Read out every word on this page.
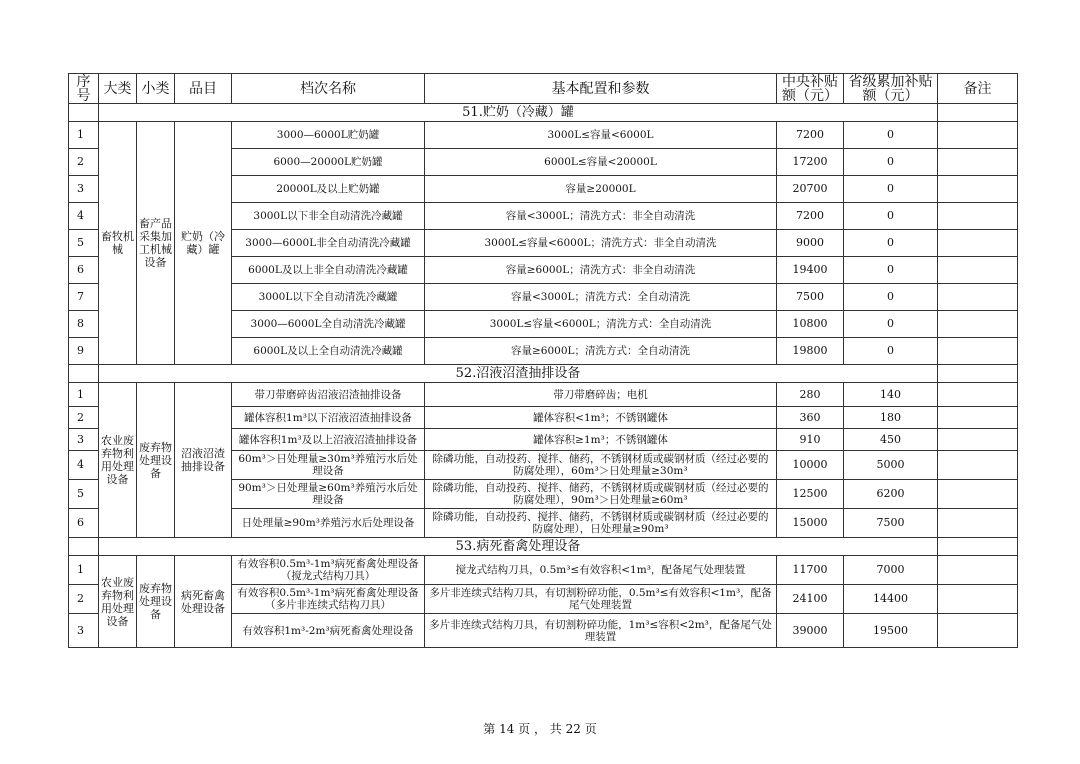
序号	大类	小类	品目	档次名称	基本配置和参数	中央补贴额（元）	省级累加补贴额（元）	备注
	51.贮奶（冷藏）罐							
1	畜牧机械	畜产品采集加工机械设备	贮奶（冷藏）罐	3000—6000L贮奶罐	3000L≤容量<6000L	7200	0	
2				6000—20000L贮奶罐	6000L≤容量<20000L	17200	0	
3				20000L及以上贮奶罐	容量≥20000L	20700	0	
4				3000L以下非全自动清洗冷藏罐	容量<3000L；清洗方式：非全自动清洗	7200	0	
5				3000—6000L非全自动清洗冷藏罐	3000L≤容量<6000L；清洗方式：非全自动清洗	9000	0	
6				6000L及以上非全自动清洗冷藏罐	容量≥6000L；清洗方式：非全自动清洗	19400	0	
7				3000L以下全自动清洗冷藏罐	容量<3000L；清洗方式：全自动清洗	7500	0	
8				3000—6000L全自动清洗冷藏罐	3000L≤容量<6000L；清洗方式：全自动清洗	10800	0	
9				6000L及以上全自动清洗冷藏罐	容量≥6000L；清洗方式：全自动清洗	19800	0	
	52.沼液沼渣抽排设备							
1	农业废弃物利用处理设备	废弃物处理设备	沼液沼渣抽排设备	带刀带磨碎齿沼液沼渣抽排设备	带刀带磨碎齿；电机	280	140	
2				罐体容积1m³以下沼液沼渣抽排设备	罐体容积<1m³；不锈钢罐体	360	180	
3				罐体容积1m³及以上沼液沼渣抽排设备	罐体容积≥1m³；不锈钢罐体	910	450	
4				60m³＞日处理量≥30m³养殖污水后处理设备	除磷功能，自动投药、搅拌、储药，不锈钢材质或碳钢材质（经过必要的防腐处理），60m³＞日处理量≥30m³	10000	5000	
5				90m³＞日处理量≥60m³养殖污水后处理设备	除磷功能，自动投药、搅拌、储药，不锈钢材质或碳钢材质（经过必要的防腐处理），90m³＞日处理量≥60m³	12500	6200	
6				日处理量≥90m³养殖污水后处理设备	除磷功能，自动投药、搅拌、储药，不锈钢材质或碳钢材质（经过必要的防腐处理），日处理量≥90m³	15000	7500	
	53.病死畜禽处理设备							
1	农业废弃物利用处理设备	废弃物处理设备	病死畜禽处理设备	有效容积0.5m³-1m³病死畜禽处理设备（搅龙式结构刀具）	搅龙式结构刀具，0.5m³≤有效容积<1m³，配备尾气处理装置	11700	7000	
2				有效容积0.5m³-1m³病死畜禽处理设备（多片非连续式结构刀具）	多片非连续式结构刀具，有切割粉碎功能，0.5m³≤有效容积<1m³，配备尾气处理装置	24100	14400	
3				有效容积1m³-2m³病死畜禽处理设备	多片非连续式结构刀具，有切割粉碎功能，1m³≤容积<2m³，配备尾气处理装置	39000	19500	
第 14 页 ， 共 22 页
